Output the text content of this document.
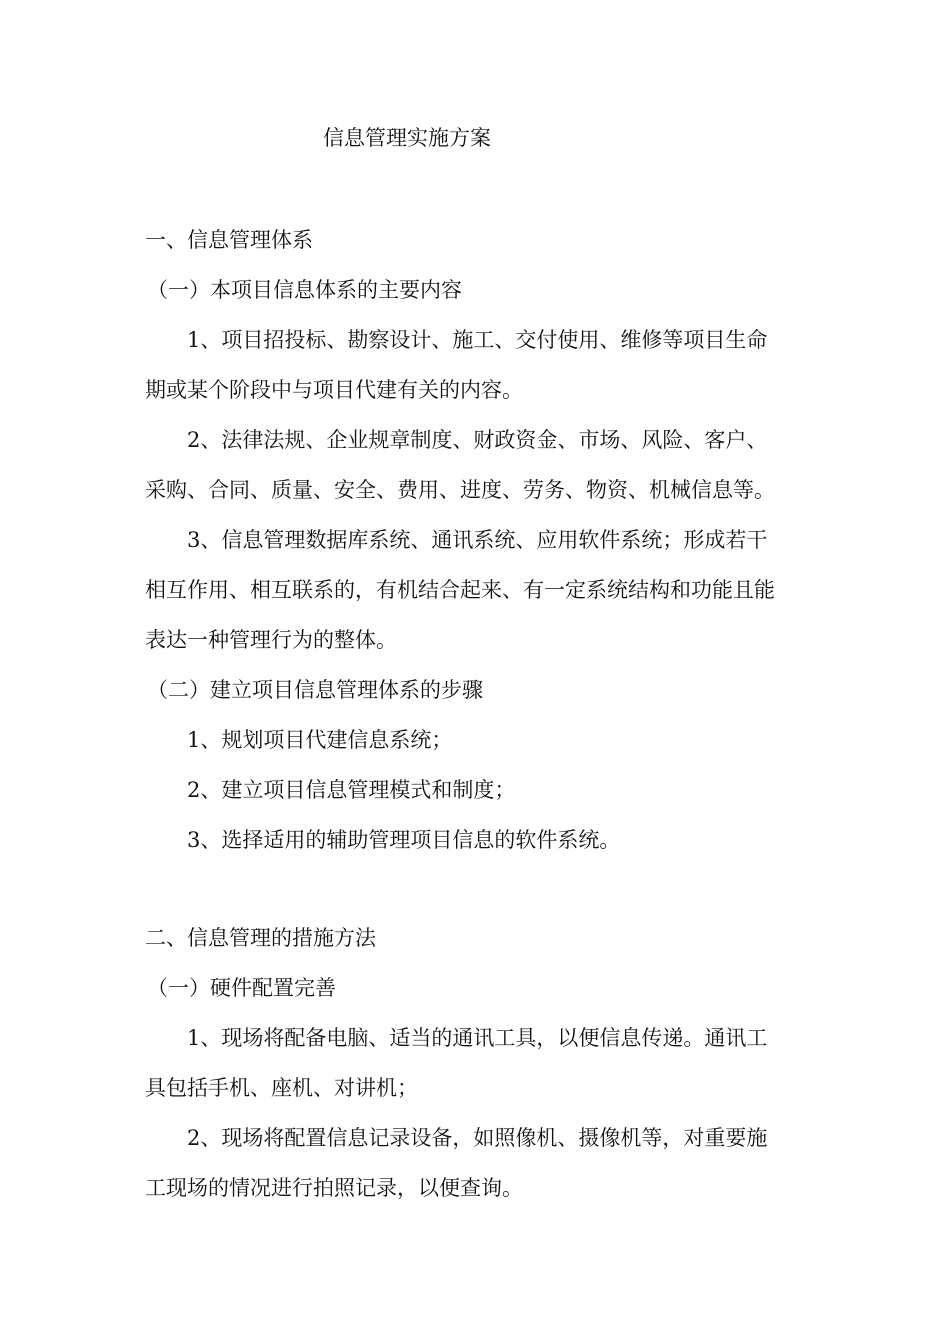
信息管理实施方案
一、信息管理体系
（一）本项目信息体系的主要内容
1、项目招投标、勘察设计、施工、交付使用、维修等项目生命
期或某个阶段中与项目代建有关的内容。
2、法律法规、企业规章制度、财政资金、市场、风险、客户、
采购、合同、质量、安全、费用、进度、劳务、物资、机械信息等。
3、信息管理数据库系统、通讯系统、应用软件系统；形成若干
相互作用、相互联系的，有机结合起来、有一定系统结构和功能且能
表达一种管理行为的整体。
（二）建立项目信息管理体系的步骤
1、规划项目代建信息系统；
2、建立项目信息管理模式和制度；
3、选择适用的辅助管理项目信息的软件系统。
二、信息管理的措施方法
（一）硬件配置完善
1、现场将配备电脑、适当的通讯工具，以便信息传递。通讯工
具包括手机、座机、对讲机；
2、现场将配置信息记录设备，如照像机、摄像机等，对重要施
工现场的情况进行拍照记录，以便查询。
